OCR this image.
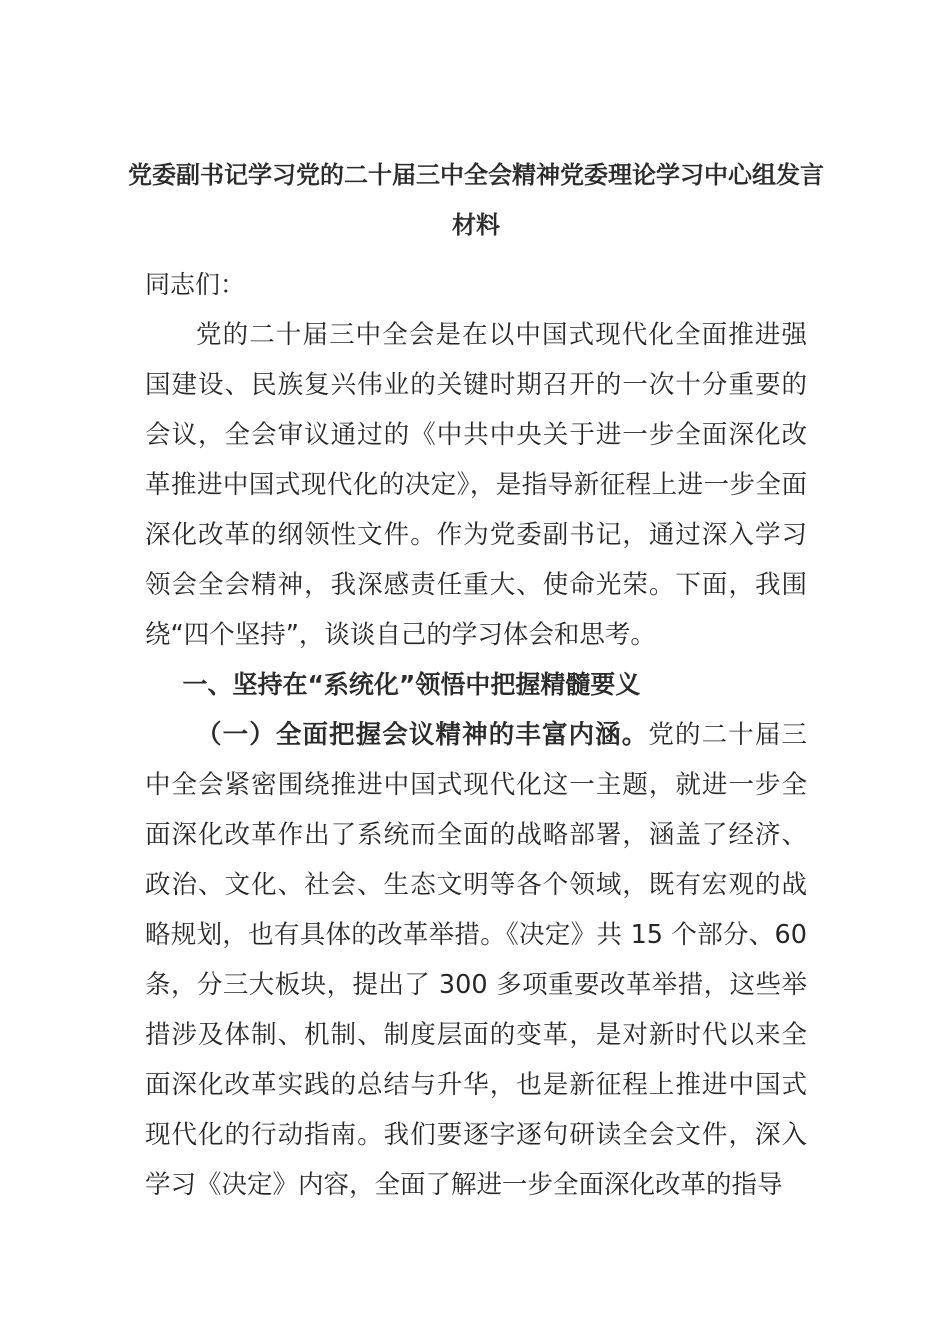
党委副书记学习党的二十届三中全会精神党委理论学习中心组发言材料

同志们：

党的二十届三中全会是在以中国式现代化全面推进强国建设、民族复兴伟业的关键时期召开的一次十分重要的会议，全会审议通过的《中共中央关于进一步全面深化改革推进中国式现代化的决定》，是指导新征程上进一步全面深化改革的纲领性文件。作为党委副书记，通过深入学习领会全会精神，我深感责任重大、使命光荣。下面，我围绕“四个坚持”，谈谈自己的学习体会和思考。

一、坚持在“系统化”领悟中把握精髓要义

（一）全面把握会议精神的丰富内涵。党的二十届三中全会紧密围绕推进中国式现代化这一主题，就进一步全面深化改革作出了系统而全面的战略部署，涵盖了经济、政治、文化、社会、生态文明等各个领域，既有宏观的战略规划，也有具体的改革举措。《决定》共 15 个部分、60 条，分三大板块，提出了 300 多项重要改革举措，这些举措涉及体制、机制、制度层面的变革，是对新时代以来全面深化改革实践的总结与升华，也是新征程上推进中国式现代化的行动指南。我们要逐字逐句研读全会文件，深入学习《决定》内容，全面了解进一步全面深化改革的指导
